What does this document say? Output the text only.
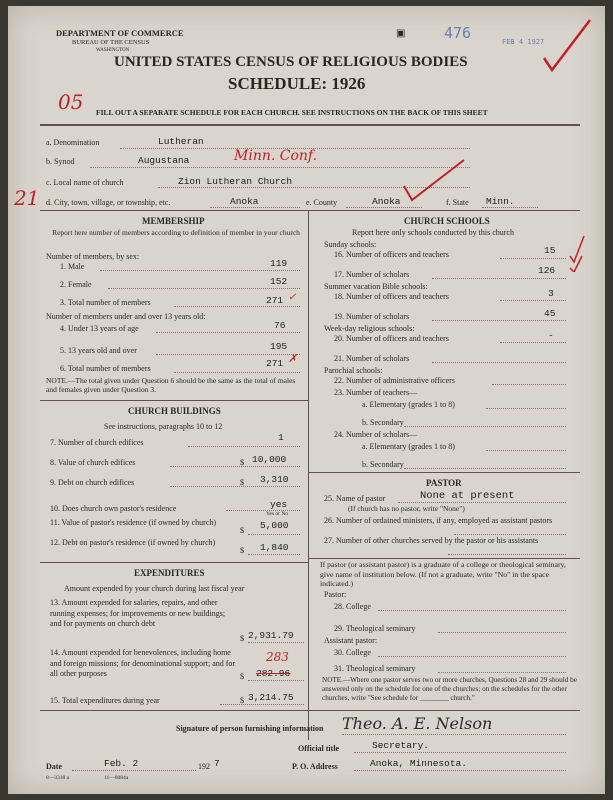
DEPARTMENT OF COMMERCE
BUREAU OF THE CENSUS
WASHINGTON
UNITED STATES CENSUS OF RELIGIOUS BODIES
SCHEDULE: 1926
▣	476	FEB 4 1927
05 FILL OUT A SEPARATE SCHEDULE FOR EACH CHURCH. SEE INSTRUCTIONS ON THE BACK OF THIS SHEET
a. Denomination	Lutheran
b. Synod	Augustana	Minn. Conf.
c. Local name of church	Zion Lutheran Church
21 d. City, town, village, or township, etc.	Anoka	e. County	Anoka	f. State Minn.
MEMBERSHIP
Report here number of members according to definition of member in your church
Number of members, by sex:
1. Male	119
2. Female	152
3. Total number of members	271 ✓
Number of members under and over 13 years old:
4. Under 13 years of age	76
5. 13 years old and over	195
6. Total number of members	271 ✗
NOTE.—The total given under Question 6 should be the same as the total of males and females given under Question 3.
CHURCH BUILDINGS
See instructions, paragraphs 10 to 12
7. Number of church edifices	1
8. Value of church edifices	$ 10,000
9. Debt on church edifices	$ 3,310
10. Does church own pastor's residence	yes
Yes or No
11. Value of pastor's residence (if owned by church)
$ 5,000
12. Debt on pastor's residence (if owned by church)
$ 1,840
EXPENDITURES
Amount expended by your church during last fiscal year
13. Amount expended for salaries, repairs, and other running expenses; for improvements or new buildings; and for payments on church debt
$ 2,931.79
14. Amount expended for benevolences, including home and foreign missions; for denominational support; and for all other purposes
283
$ 282.96
15. Total expenditures during year	$ 3,214.75
CHURCH SCHOOLS
Report here only schools conducted by this church
Sunday schools:
16. Number of officers and teachers	15
17. Number of scholars	126
Summer vacation Bible schools:
18. Number of officers and teachers	3
19. Number of scholars	45
Week-day religious schools:
20. Number of officers and teachers	-
21. Number of scholars
Parochial schools:
22. Number of administrative officers
23. Number of teachers—
a. Elementary (grades 1 to 8)
b. Secondary
24. Number of scholars—
a. Elementary (grades 1 to 8)
b. Secondary
PASTOR
25. Name of pastor	None at present
(If church has no pastor, write "None")
26. Number of ordained ministers, if any, employed as assistant pastors
27. Number of other churches served by the pastor or his assistants
If pastor (or assistant pastor) is a graduate of a college or theological seminary, give name of institution below. (If not a graduate, write "No" in the space indicated.)
Pastor:
28. College
29. Theological seminary
Assistant pastor:
30. College
31. Theological seminary
NOTE.—Where one pastor serves two or more churches, Questions 28 and 29 should be answered only on the schedule for one of the churches; on the schedules for the other churches, write "See schedule for ________ church."
Signature of person furnishing information Theo. A. E. Nelson
Official title	Secretary.
Date	Feb. 2	192 7	P. O. Address	Anoka, Minnesota.
8—3318 a	11—0084a
